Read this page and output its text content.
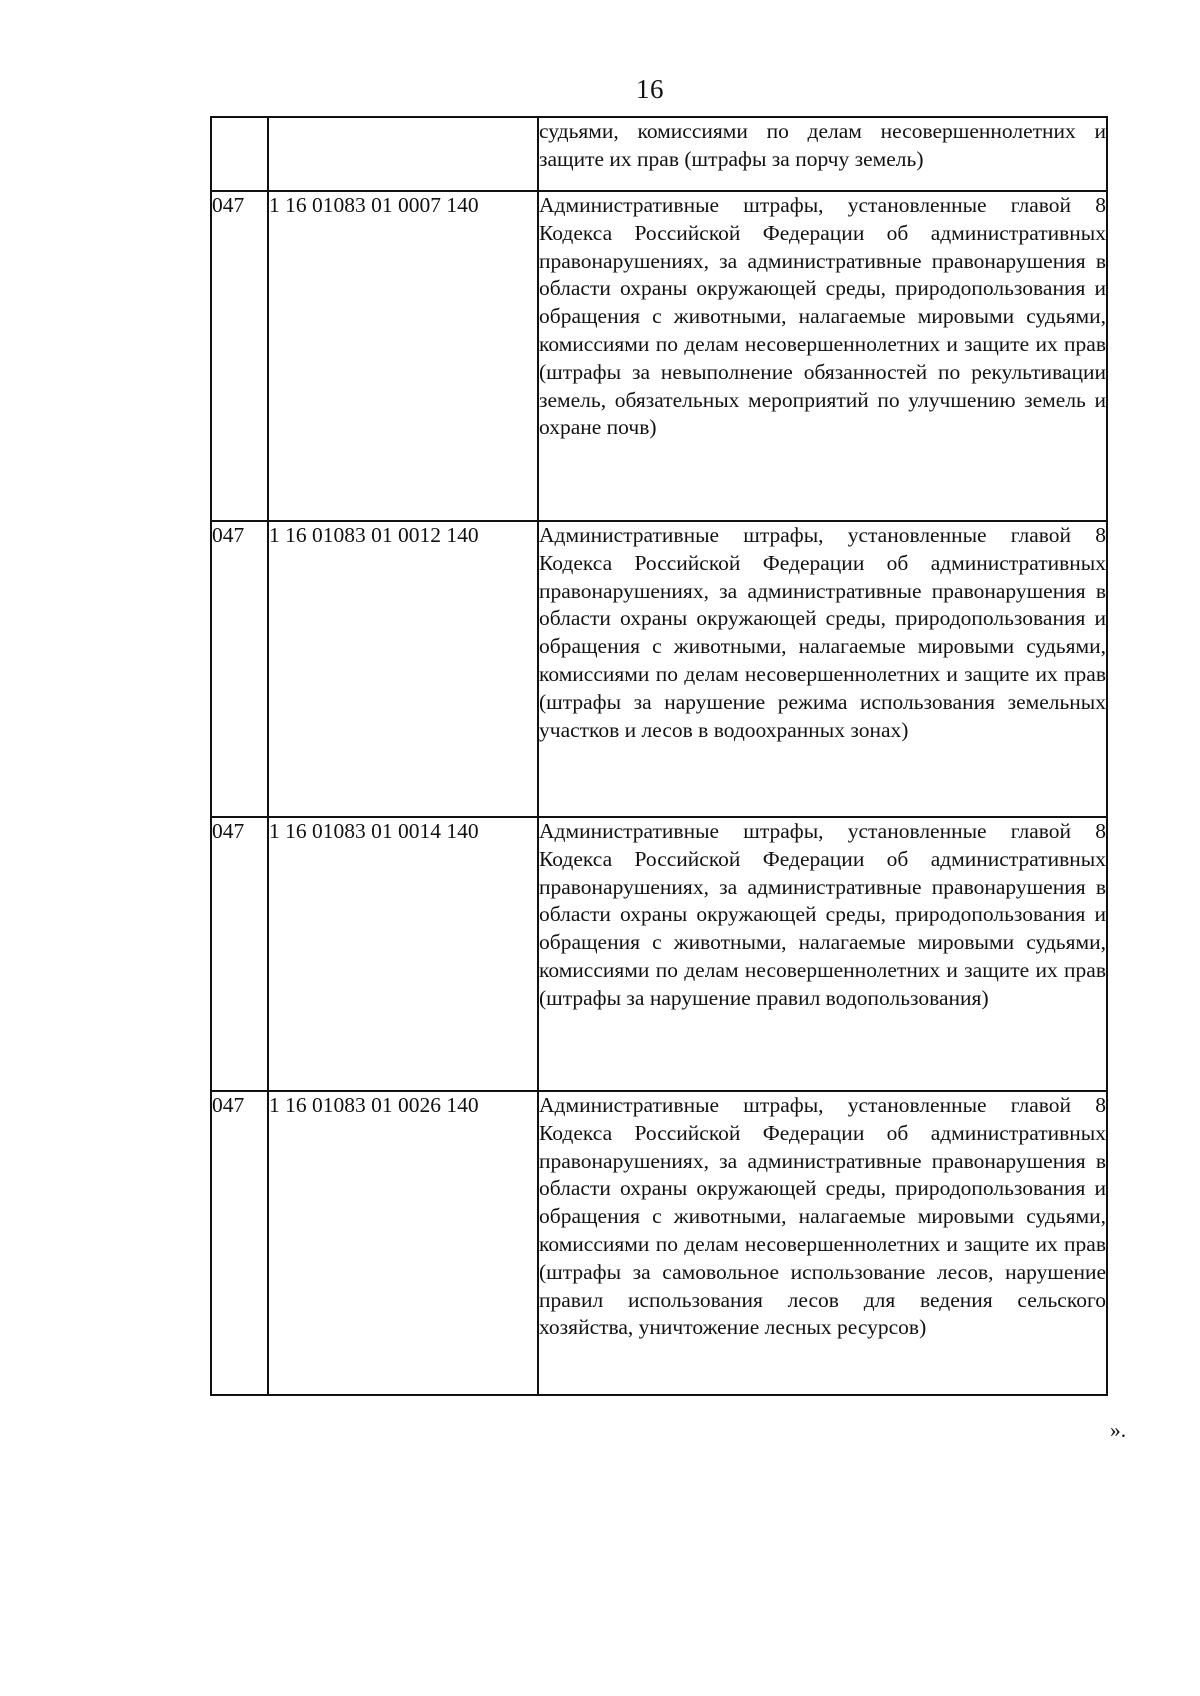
16
		судьями, комиссиями по делам несовершеннолетних и защите их прав (штрафы за порчу земель)
047	1 16 01083 01 0007 140	Административные штрафы, установленные главой 8 Кодекса Российской Федерации об административных правонарушениях, за административные правонарушения в области охраны окружающей среды, природопользования и обращения с животными, налагаемые мировыми судьями, комиссиями по делам несовершеннолетних и защите их прав (штрафы за невыполнение обязанностей по рекультивации земель, обязательных мероприятий по улучшению земель и охране почв)
047	1 16 01083 01 0012 140	Административные штрафы, установленные главой 8 Кодекса Российской Федерации об административных правонарушениях, за административные правонарушения в области охраны окружающей среды, природопользования и обращения с животными, налагаемые мировыми судьями, комиссиями по делам несовершеннолетних и защите их прав (штрафы за нарушение режима использования земельных участков и лесов в водоохранных зонах)
047	1 16 01083 01 0014 140	Административные штрафы, установленные главой 8 Кодекса Российской Федерации об административных правонарушениях, за административные правонарушения в области охраны окружающей среды, природопользования и обращения с животными, налагаемые мировыми судьями, комиссиями по делам несовершеннолетних и защите их прав (штрафы за нарушение правил водопользования)
047	1 16 01083 01 0026 140	Административные штрафы, установленные главой 8 Кодекса Российской Федерации об административных правонарушениях, за административные правонарушения в области охраны окружающей среды, природопользования и обращения с животными, налагаемые мировыми судьями, комиссиями по делам несовершеннолетних и защите их прав (штрафы за самовольное использование лесов, нарушение правил использования лесов для ведения сельского хозяйства, уничтожение лесных ресурсов)
».
